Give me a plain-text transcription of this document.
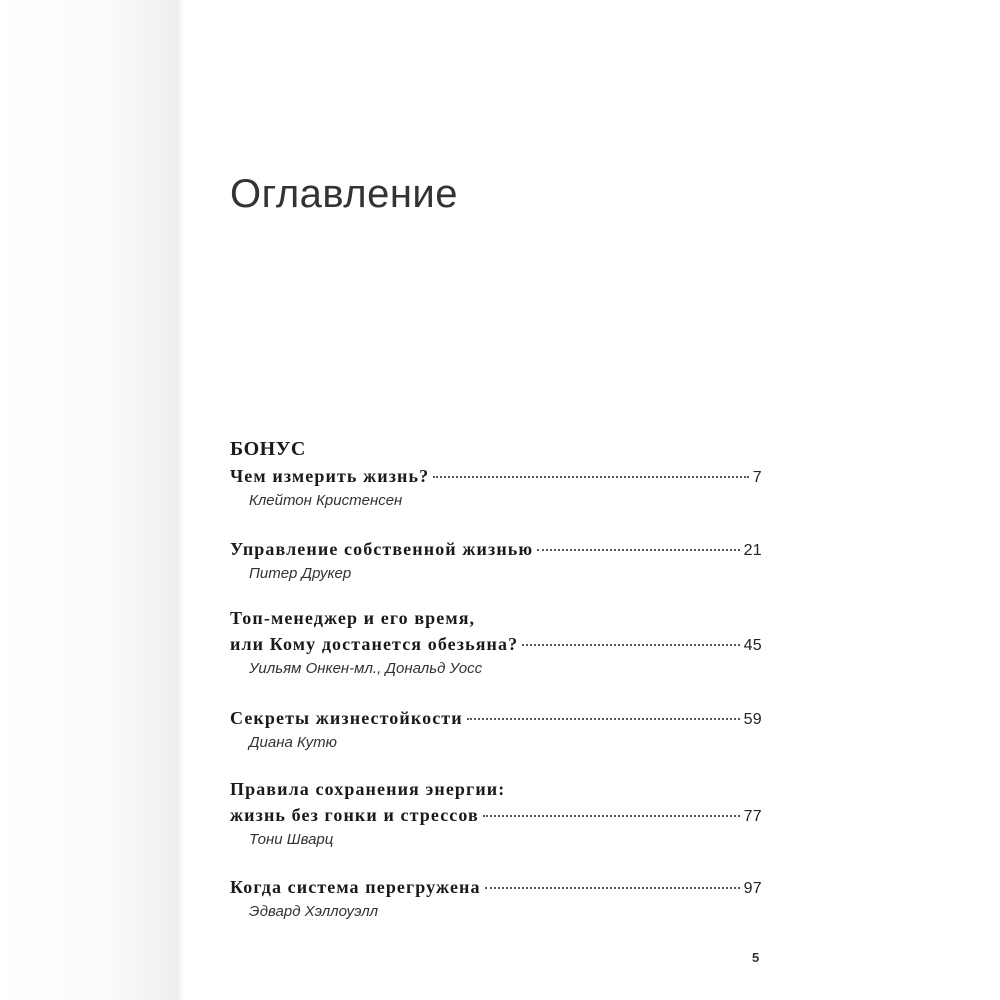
Оглавление
БОНУС
Чем измерить жизнь?	7
Клейтон Кристенсен
Управление собственной жизнью	21
Питер Друкер
Топ-менеджер и его время,
или Кому достанется обезьяна?	45
Уильям Онкен-мл., Дональд Уосс
Секреты жизнестойкости	59
Диана Кутю
Правила сохранения энергии:
жизнь без гонки и стрессов	77
Тони Шварц
Когда система перегружена	97
Эдвард Хэллоуэлл
5
